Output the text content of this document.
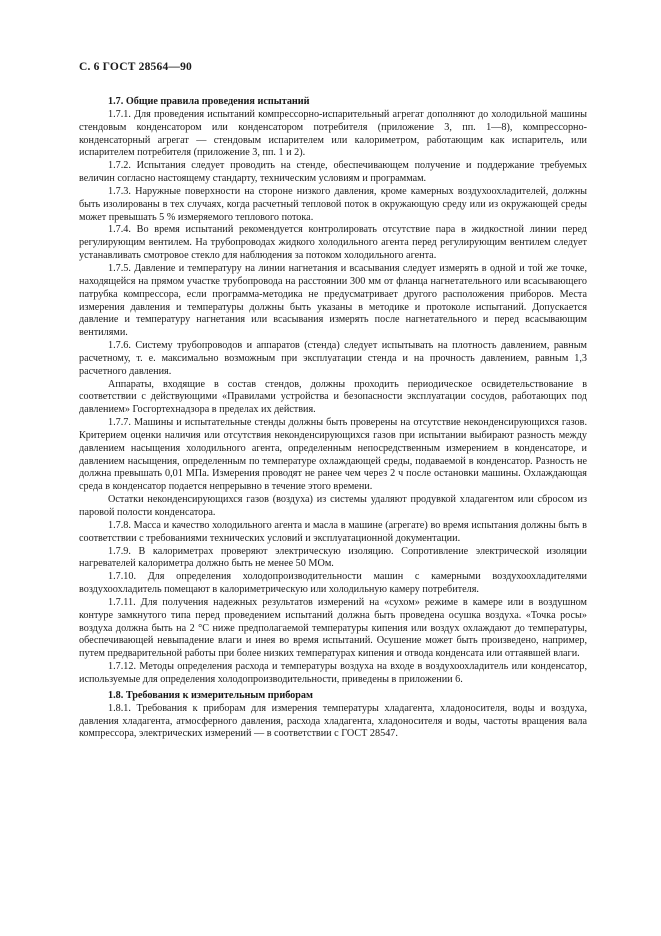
С. 6 ГОСТ 28564—90
1.7. Общие правила проведения испытаний

1.7.1. Для проведения испытаний компрессорно-испарительный агрегат дополняют до холодильной машины стендовым конденсатором или конденсатором потребителя (приложение 3, пп. 1—8), компрессорно-конденсаторный агрегат — стендовым испарителем или калориметром, работающим как испаритель, или испарителем потребителя (приложение 3, пп. 1 и 2).

1.7.2. Испытания следует проводить на стенде, обеспечивающем получение и поддержание требуемых величин согласно настоящему стандарту, техническим условиям и программам.

1.7.3. Наружные поверхности на стороне низкого давления, кроме камерных воздухоохладителей, должны быть изолированы в тех случаях, когда расчетный тепловой поток в окружающую среду или из окружающей среды может превышать 5 % измеряемого теплового потока.

1.7.4. Во время испытаний рекомендуется контролировать отсутствие пара в жидкостной линии перед регулирующим вентилем. На трубопроводах жидкого холодильного агента перед регулирующим вентилем следует устанавливать смотровое стекло для наблюдения за потоком холодильного агента.

1.7.5. Давление и температуру на линии нагнетания и всасывания следует измерять в одной и той же точке, находящейся на прямом участке трубопровода на расстоянии 300 мм от фланца нагнетательного или всасывающего патрубка компрессора, если программа-методика не предусматривает другого расположения приборов. Места измерения давления и температуры должны быть указаны в методике и протоколе испытаний. Допускается давление и температуру нагнетания или всасывания измерять после нагнетательного и перед всасывающим вентилями.

1.7.6. Систему трубопроводов и аппаратов (стенда) следует испытывать на плотность давлением, равным расчетному, т. е. максимально возможным при эксплуатации стенда и на прочность давлением, равным 1,3 расчетного давления.

Аппараты, входящие в состав стендов, должны проходить периодическое освидетельствование в соответствии с действующими «Правилами устройства и безопасности эксплуатации сосудов, работающих под давлением» Госгортехнадзора в пределах их действия.

1.7.7. Машины и испытательные стенды должны быть проверены на отсутствие неконденсирующихся газов. Критерием оценки наличия или отсутствия неконденсирующихся газов при испытании выбирают разность между давлением насыщения холодильного агента, определенным непосредственным измерением в конденсаторе, и давлением насыщения, определенным по температуре охлаждающей среды, подаваемой в конденсатор. Разность не должна превышать 0,01 МПа. Измерения проводят не ранее чем через 2 ч после остановки машины. Охлаждающая среда в конденсатор подается непрерывно в течение этого времени.

Остатки неконденсирующихся газов (воздуха) из системы удаляют продувкой хладагентом или сбросом из паровой полости конденсатора.

1.7.8. Масса и качество холодильного агента и масла в машине (агрегате) во время испытания должны быть в соответствии с требованиями технических условий и эксплуатационной документации.

1.7.9. В калориметрах проверяют электрическую изоляцию. Сопротивление электрической изоляции нагревателей калориметра должно быть не менее 50 МОм.

1.7.10. Для определения холодопроизводительности машин с камерными воздухоохладителями воздухоохладитель помещают в калориметрическую или холодильную камеру потребителя.

1.7.11. Для получения надежных результатов измерений на «сухом» режиме в камере или в воздушном контуре замкнутого типа перед проведением испытаний должна быть проведена осушка воздуха. «Точка росы» воздуха должна быть на 2 °С ниже предполагаемой температуры кипения или воздух охлаждают до температуры, обеспечивающей невыпадение влаги и инея во время испытаний. Осушение может быть произведено, например, путем предварительной работы при более низких температурах кипения и отвода конденсата или оттаявшей влаги.

1.7.12. Методы определения расхода и температуры воздуха на входе в воздухоохладитель или конденсатор, используемые для определения холодопроизводительности, приведены в приложении 6.

1.8. Требования к измерительным приборам

1.8.1. Требования к приборам для измерения температуры хладагента, хладоносителя, воды и воздуха, давления хладагента, атмосферного давления, расхода хладагента, хладоносителя и воды, частоты вращения вала компрессора, электрических измерений — в соответствии с ГОСТ 28547.
